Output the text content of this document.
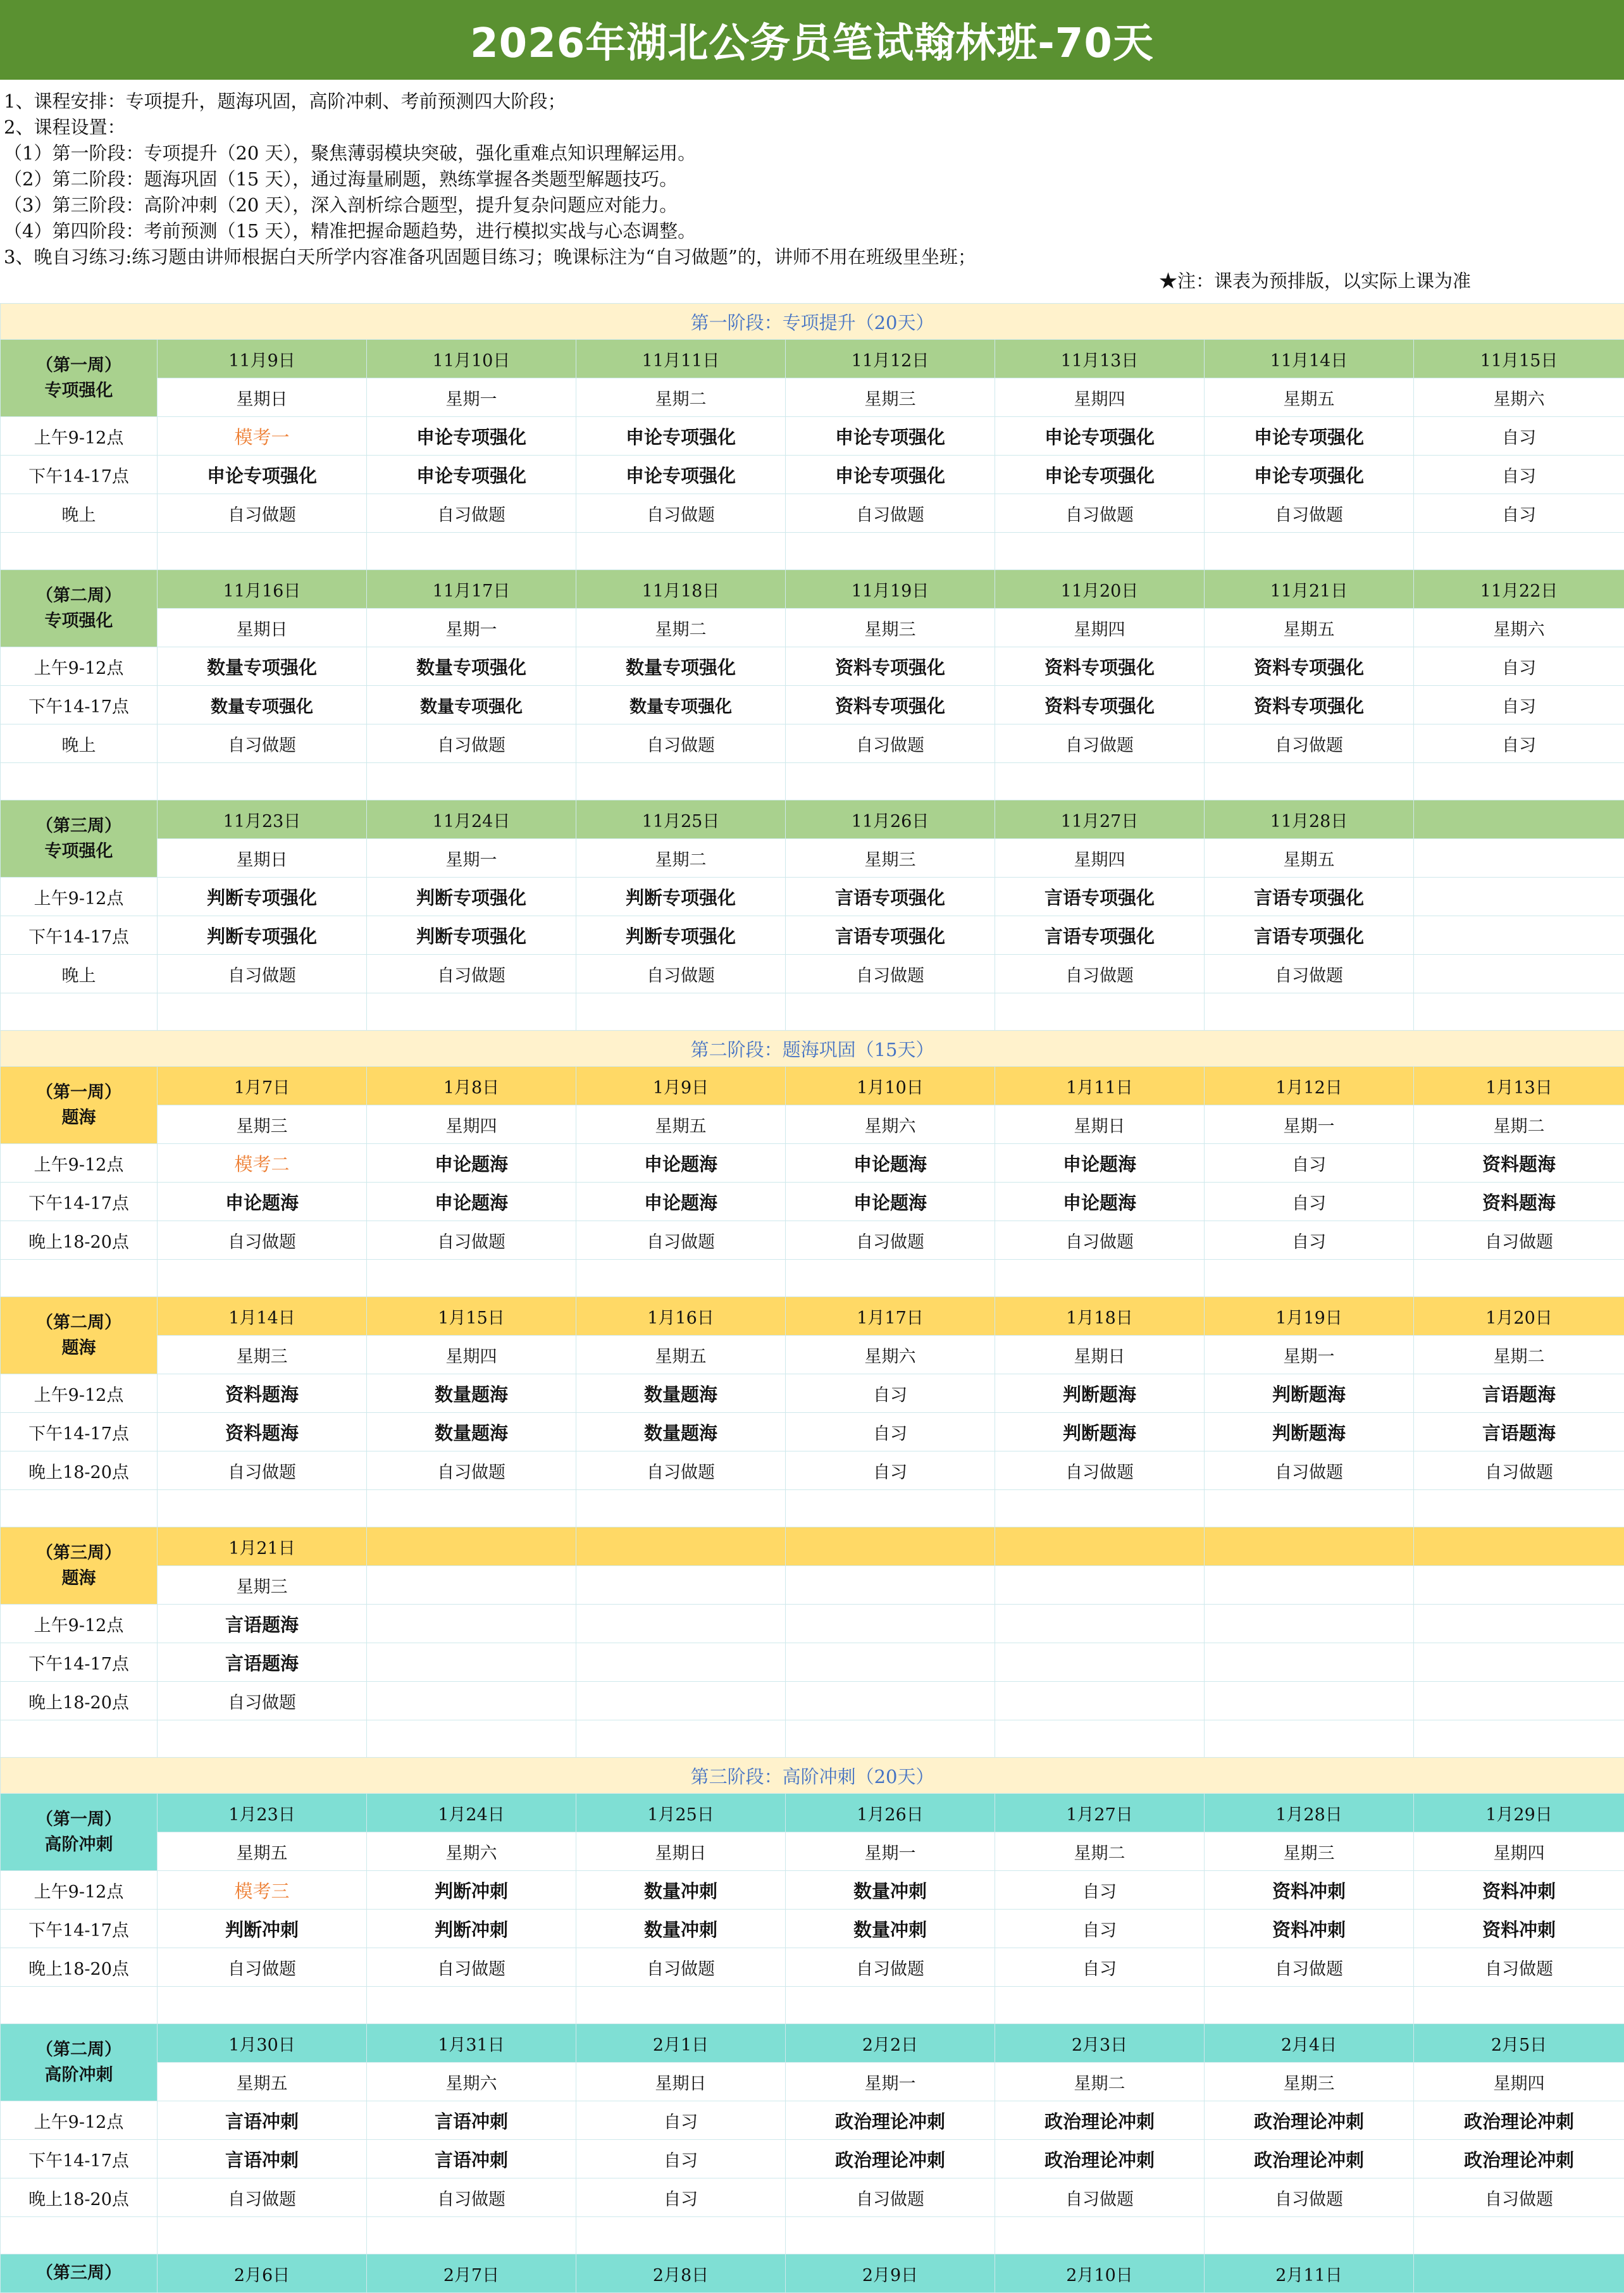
2026年湖北公务员笔试翰林班-70天
1、课程安排：专项提升，题海巩固，高阶冲刺、考前预测四大阶段；
2、课程设置：
（1）第一阶段：专项提升（20 天），聚焦薄弱模块突破，强化重难点知识理解运用。
（2）第二阶段：题海巩固（15 天），通过海量刷题，熟练掌握各类题型解题技巧。
（3）第三阶段：高阶冲刺（20 天），深入剖析综合题型，提升复杂问题应对能力。
（4）第四阶段：考前预测（15 天），精准把握命题趋势，进行模拟实战与心态调整。
3、晚自习练习:练习题由讲师根据白天所学内容准备巩固题目练习；晚课标注为“自习做题”的，讲师不用在班级里坐班；
★注：课表为预排版，以实际上课为准
第一阶段：专项提升（20天）							

（第一周）
专项强化	11月9日	11月10日	11月11日	11月12日	11月13日	11月14日	11月15日
	星期日	星期一	星期二	星期三	星期四	星期五	星期六
上午9-12点	模考一	申论专项强化	申论专项强化	申论专项强化	申论专项强化	申论专项强化	自习
下午14-17点	申论专项强化	申论专项强化	申论专项强化	申论专项强化	申论专项强化	申论专项强化	自习
晚上	自习做题	自习做题	自习做题	自习做题	自习做题	自习做题	自习

（第二周）
专项强化	11月16日	11月17日	11月18日	11月19日	11月20日	11月21日	11月22日
	星期日	星期一	星期二	星期三	星期四	星期五	星期六
上午9-12点	数量专项强化	数量专项强化	数量专项强化	资料专项强化	资料专项强化	资料专项强化	自习
下午14-17点	数量专项强化	数量专项强化	数量专项强化	资料专项强化	资料专项强化	资料专项强化	自习
晚上	自习做题	自习做题	自习做题	自习做题	自习做题	自习做题	自习

（第三周）
专项强化	11月23日	11月24日	11月25日	11月26日	11月27日	11月28日	
	星期日	星期一	星期二	星期三	星期四	星期五	
上午9-12点	判断专项强化	判断专项强化	判断专项强化	言语专项强化	言语专项强化	言语专项强化	
下午14-17点	判断专项强化	判断专项强化	判断专项强化	言语专项强化	言语专项强化	言语专项强化	
晚上	自习做题	自习做题	自习做题	自习做题	自习做题	自习做题	

第二阶段：题海巩固（15天）							

（第一周）
题海	1月7日	1月8日	1月9日	1月10日	1月11日	1月12日	1月13日
	星期三	星期四	星期五	星期六	星期日	星期一	星期二
上午9-12点	模考二	申论题海	申论题海	申论题海	申论题海	自习	资料题海
下午14-17点	申论题海	申论题海	申论题海	申论题海	申论题海	自习	资料题海
晚上18-20点	自习做题	自习做题	自习做题	自习做题	自习做题	自习	自习做题

（第二周）
题海	1月14日	1月15日	1月16日	1月17日	1月18日	1月19日	1月20日
	星期三	星期四	星期五	星期六	星期日	星期一	星期二
上午9-12点	资料题海	数量题海	数量题海	自习	判断题海	判断题海	言语题海
下午14-17点	资料题海	数量题海	数量题海	自习	判断题海	判断题海	言语题海
晚上18-20点	自习做题	自习做题	自习做题	自习	自习做题	自习做题	自习做题

（第三周）
题海	1月21日						
	星期三						
上午9-12点	言语题海						
下午14-17点	言语题海						
晚上18-20点	自习做题						

第三阶段：高阶冲刺（20天）							

（第一周）
高阶冲刺	1月23日	1月24日	1月25日	1月26日	1月27日	1月28日	1月29日
	星期五	星期六	星期日	星期一	星期二	星期三	星期四
上午9-12点	模考三	判断冲刺	数量冲刺	数量冲刺	自习	资料冲刺	资料冲刺
下午14-17点	判断冲刺	判断冲刺	数量冲刺	数量冲刺	自习	资料冲刺	资料冲刺
晚上18-20点	自习做题	自习做题	自习做题	自习做题	自习	自习做题	自习做题

（第二周）
高阶冲刺	1月30日	1月31日	2月1日	2月2日	2月3日	2月4日	2月5日
	星期五	星期六	星期日	星期一	星期二	星期三	星期四
上午9-12点	言语冲刺	言语冲刺	自习	政治理论冲刺	政治理论冲刺	政治理论冲刺	政治理论冲刺
下午14-17点	言语冲刺	言语冲刺	自习	政治理论冲刺	政治理论冲刺	政治理论冲刺	政治理论冲刺
晚上18-20点	自习做题	自习做题	自习	自习做题	自习做题	自习做题	自习做题

（第三周）	2月6日	2月7日	2月8日	2月9日	2月10日	2月11日	
